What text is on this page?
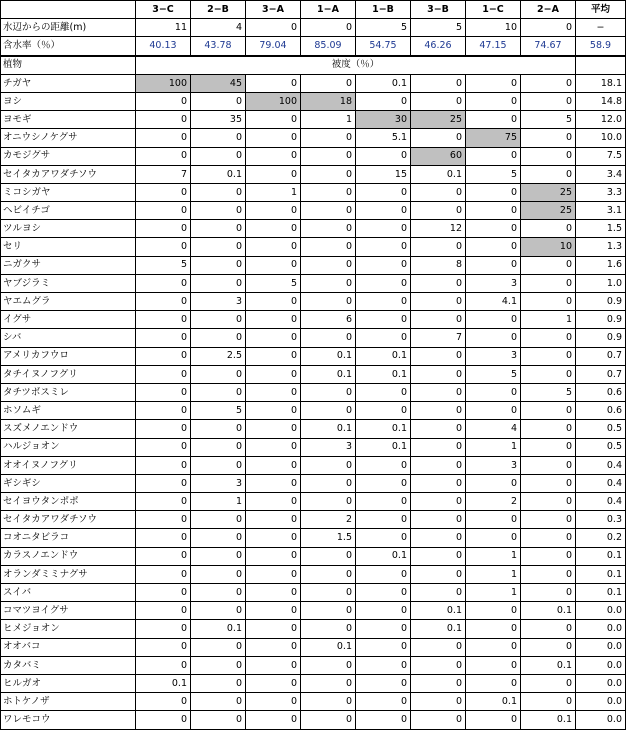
	3−C	2−B	3−A	1−A	1−B	3−B	1−C	2−A	平均
水辺からの距離(m)	11	4	0	0	5	5	10	0	−
含水率（％）	40.13	43.78	79.04	85.09	54.75	46.26	47.15	74.67	58.9
植物	被度（％）								
チガヤ	100	45	0	0	0.1	0	0	0	18.1
ヨシ	0	0	100	18	0	0	0	0	14.8
ヨモギ	0	35	0	1	30	25	0	5	12.0
オニウシノケグサ	0	0	0	0	5.1	0	75	0	10.0
カモジグサ	0	0	0	0	0	60	0	0	7.5
セイタカアワダチソウ	7	0.1	0	0	15	0.1	5	0	3.4
ミコシガヤ	0	0	1	0	0	0	0	25	3.3
ヘビイチゴ	0	0	0	0	0	0	0	25	3.1
ツルヨシ	0	0	0	0	0	12	0	0	1.5
セリ	0	0	0	0	0	0	0	10	1.3
ニガクサ	5	0	0	0	0	8	0	0	1.6
ヤブジラミ	0	0	5	0	0	0	3	0	1.0
ヤエムグラ	0	3	0	0	0	0	4.1	0	0.9
イグサ	0	0	0	6	0	0	0	1	0.9
シバ	0	0	0	0	0	7	0	0	0.9
アメリカフウロ	0	2.5	0	0.1	0.1	0	3	0	0.7
タチイヌノフグリ	0	0	0	0.1	0.1	0	5	0	0.7
タチツボスミレ	0	0	0	0	0	0	0	5	0.6
ホソムギ	0	5	0	0	0	0	0	0	0.6
スズメノエンドウ	0	0	0	0.1	0.1	0	4	0	0.5
ハルジョオン	0	0	0	3	0.1	0	1	0	0.5
オオイヌノフグリ	0	0	0	0	0	0	3	0	0.4
ギシギシ	0	3	0	0	0	0	0	0	0.4
セイヨウタンポポ	0	1	0	0	0	0	2	0	0.4
セイタカアワダチソウ	0	0	0	2	0	0	0	0	0.3
コオニタビラコ	0	0	0	1.5	0	0	0	0	0.2
カラスノエンドウ	0	0	0	0	0.1	0	1	0	0.1
オランダミミナグサ	0	0	0	0	0	0	1	0	0.1
スイバ	0	0	0	0	0	0	1	0	0.1
コマツヨイグサ	0	0	0	0	0	0.1	0	0.1	0.0
ヒメジョオン	0	0.1	0	0	0	0.1	0	0	0.0
オオバコ	0	0	0	0.1	0	0	0	0	0.0
カタバミ	0	0	0	0	0	0	0	0.1	0.0
ヒルガオ	0.1	0	0	0	0	0	0	0	0.0
ホトケノザ	0	0	0	0	0	0	0.1	0	0.0
ワレモコウ	0	0	0	0	0	0	0	0.1	0.0
